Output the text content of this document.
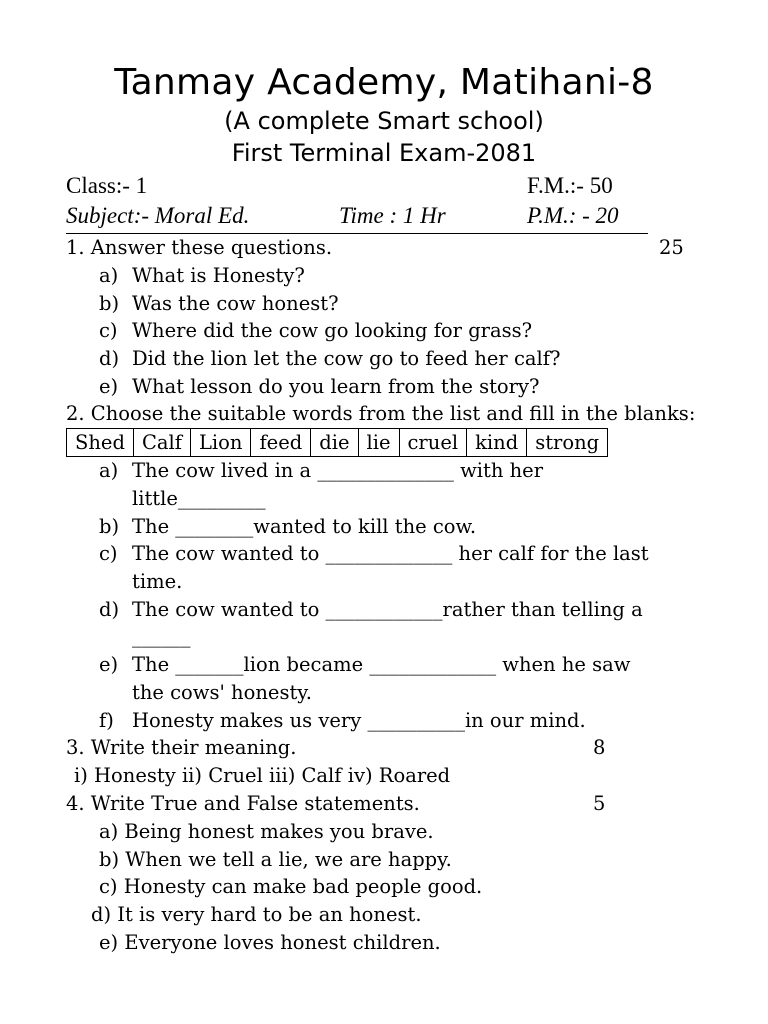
Tanmay Academy, Matihani-8
(A complete Smart school)
First Terminal Exam-2081
Class:- 1	F.M.:- 50
Subject:- Moral Ed.	Time : 1 Hr	P.M.: - 20
1. Answer these questions.	25
a) What is Honesty?
b) Was the cow honest?
c) Where did the cow go looking for grass?
d) Did the lion let the cow go to feed her calf?
e) What lesson do you learn from the story?
2. Choose the suitable words from the list and fill in the blanks:
Shed	Calf	Lion	feed	die	lie	cruel	kind	strong
a) The cow lived in a ______________ with her
little_________
b) The ________wanted to kill the cow.
c) The cow wanted to _____________ her calf for the last
time.
d) The cow wanted to ____________rather than telling a
______
e) The _______lion became _____________ when he saw
the cows' honesty.
f) Honesty makes us very __________in our mind.
3. Write their meaning.	8
i) Honesty ii) Cruel iii) Calf iv) Roared
4. Write True and False statements.	5
a) Being honest makes you brave.
b) When we tell a lie, we are happy.
c) Honesty can make bad people good.
d) It is very hard to be an honest.
e) Everyone loves honest children.
